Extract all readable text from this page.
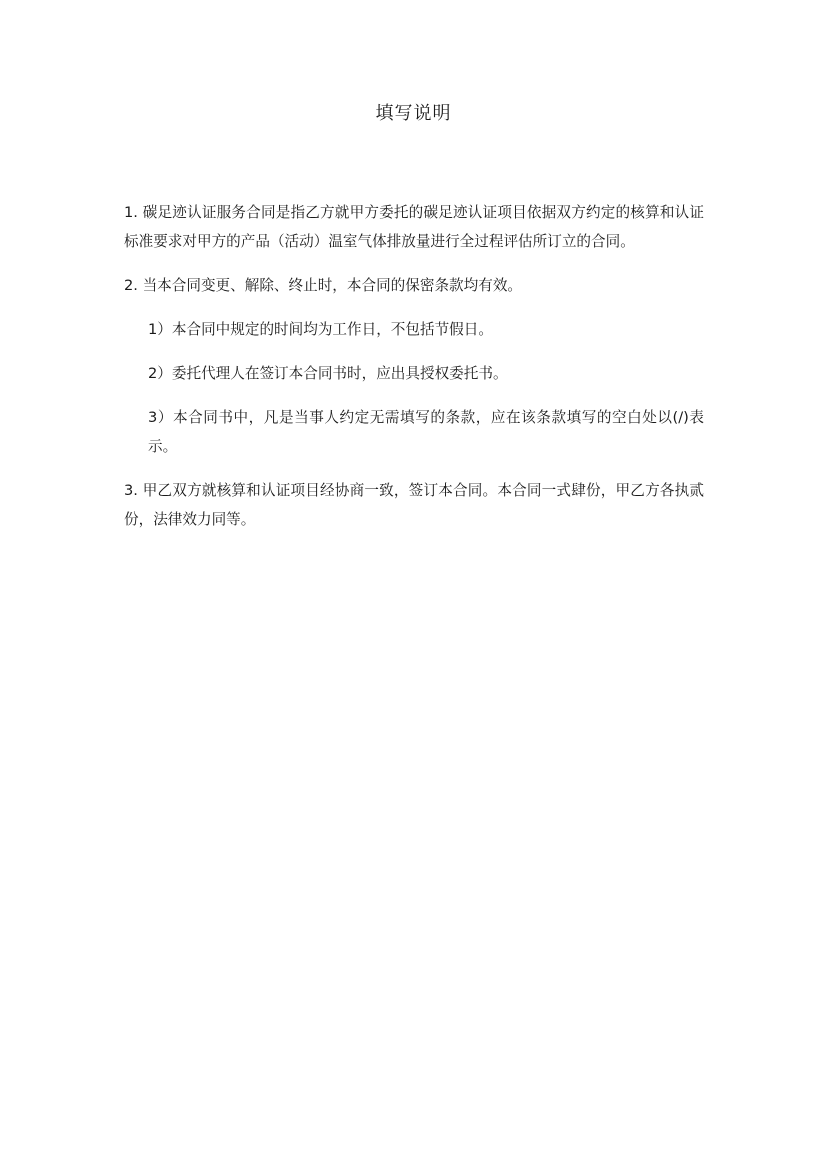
填写说明

1. 碳足迹认证服务合同是指乙方就甲方委托的碳足迹认证项目依据双方约定的核算和认证标准要求对甲方的产品（活动）温室气体排放量进行全过程评估所订立的合同。

2. 当本合同变更、解除、终止时，本合同的保密条款均有效。

1）本合同中规定的时间均为工作日，不包括节假日。

2）委托代理人在签订本合同书时，应出具授权委托书。

3）本合同书中，凡是当事人约定无需填写的条款，应在该条款填写的空白处以(/)表示。

3. 甲乙双方就核算和认证项目经协商一致，签订本合同。本合同一式肆份，甲乙方各执贰份，法律效力同等。
